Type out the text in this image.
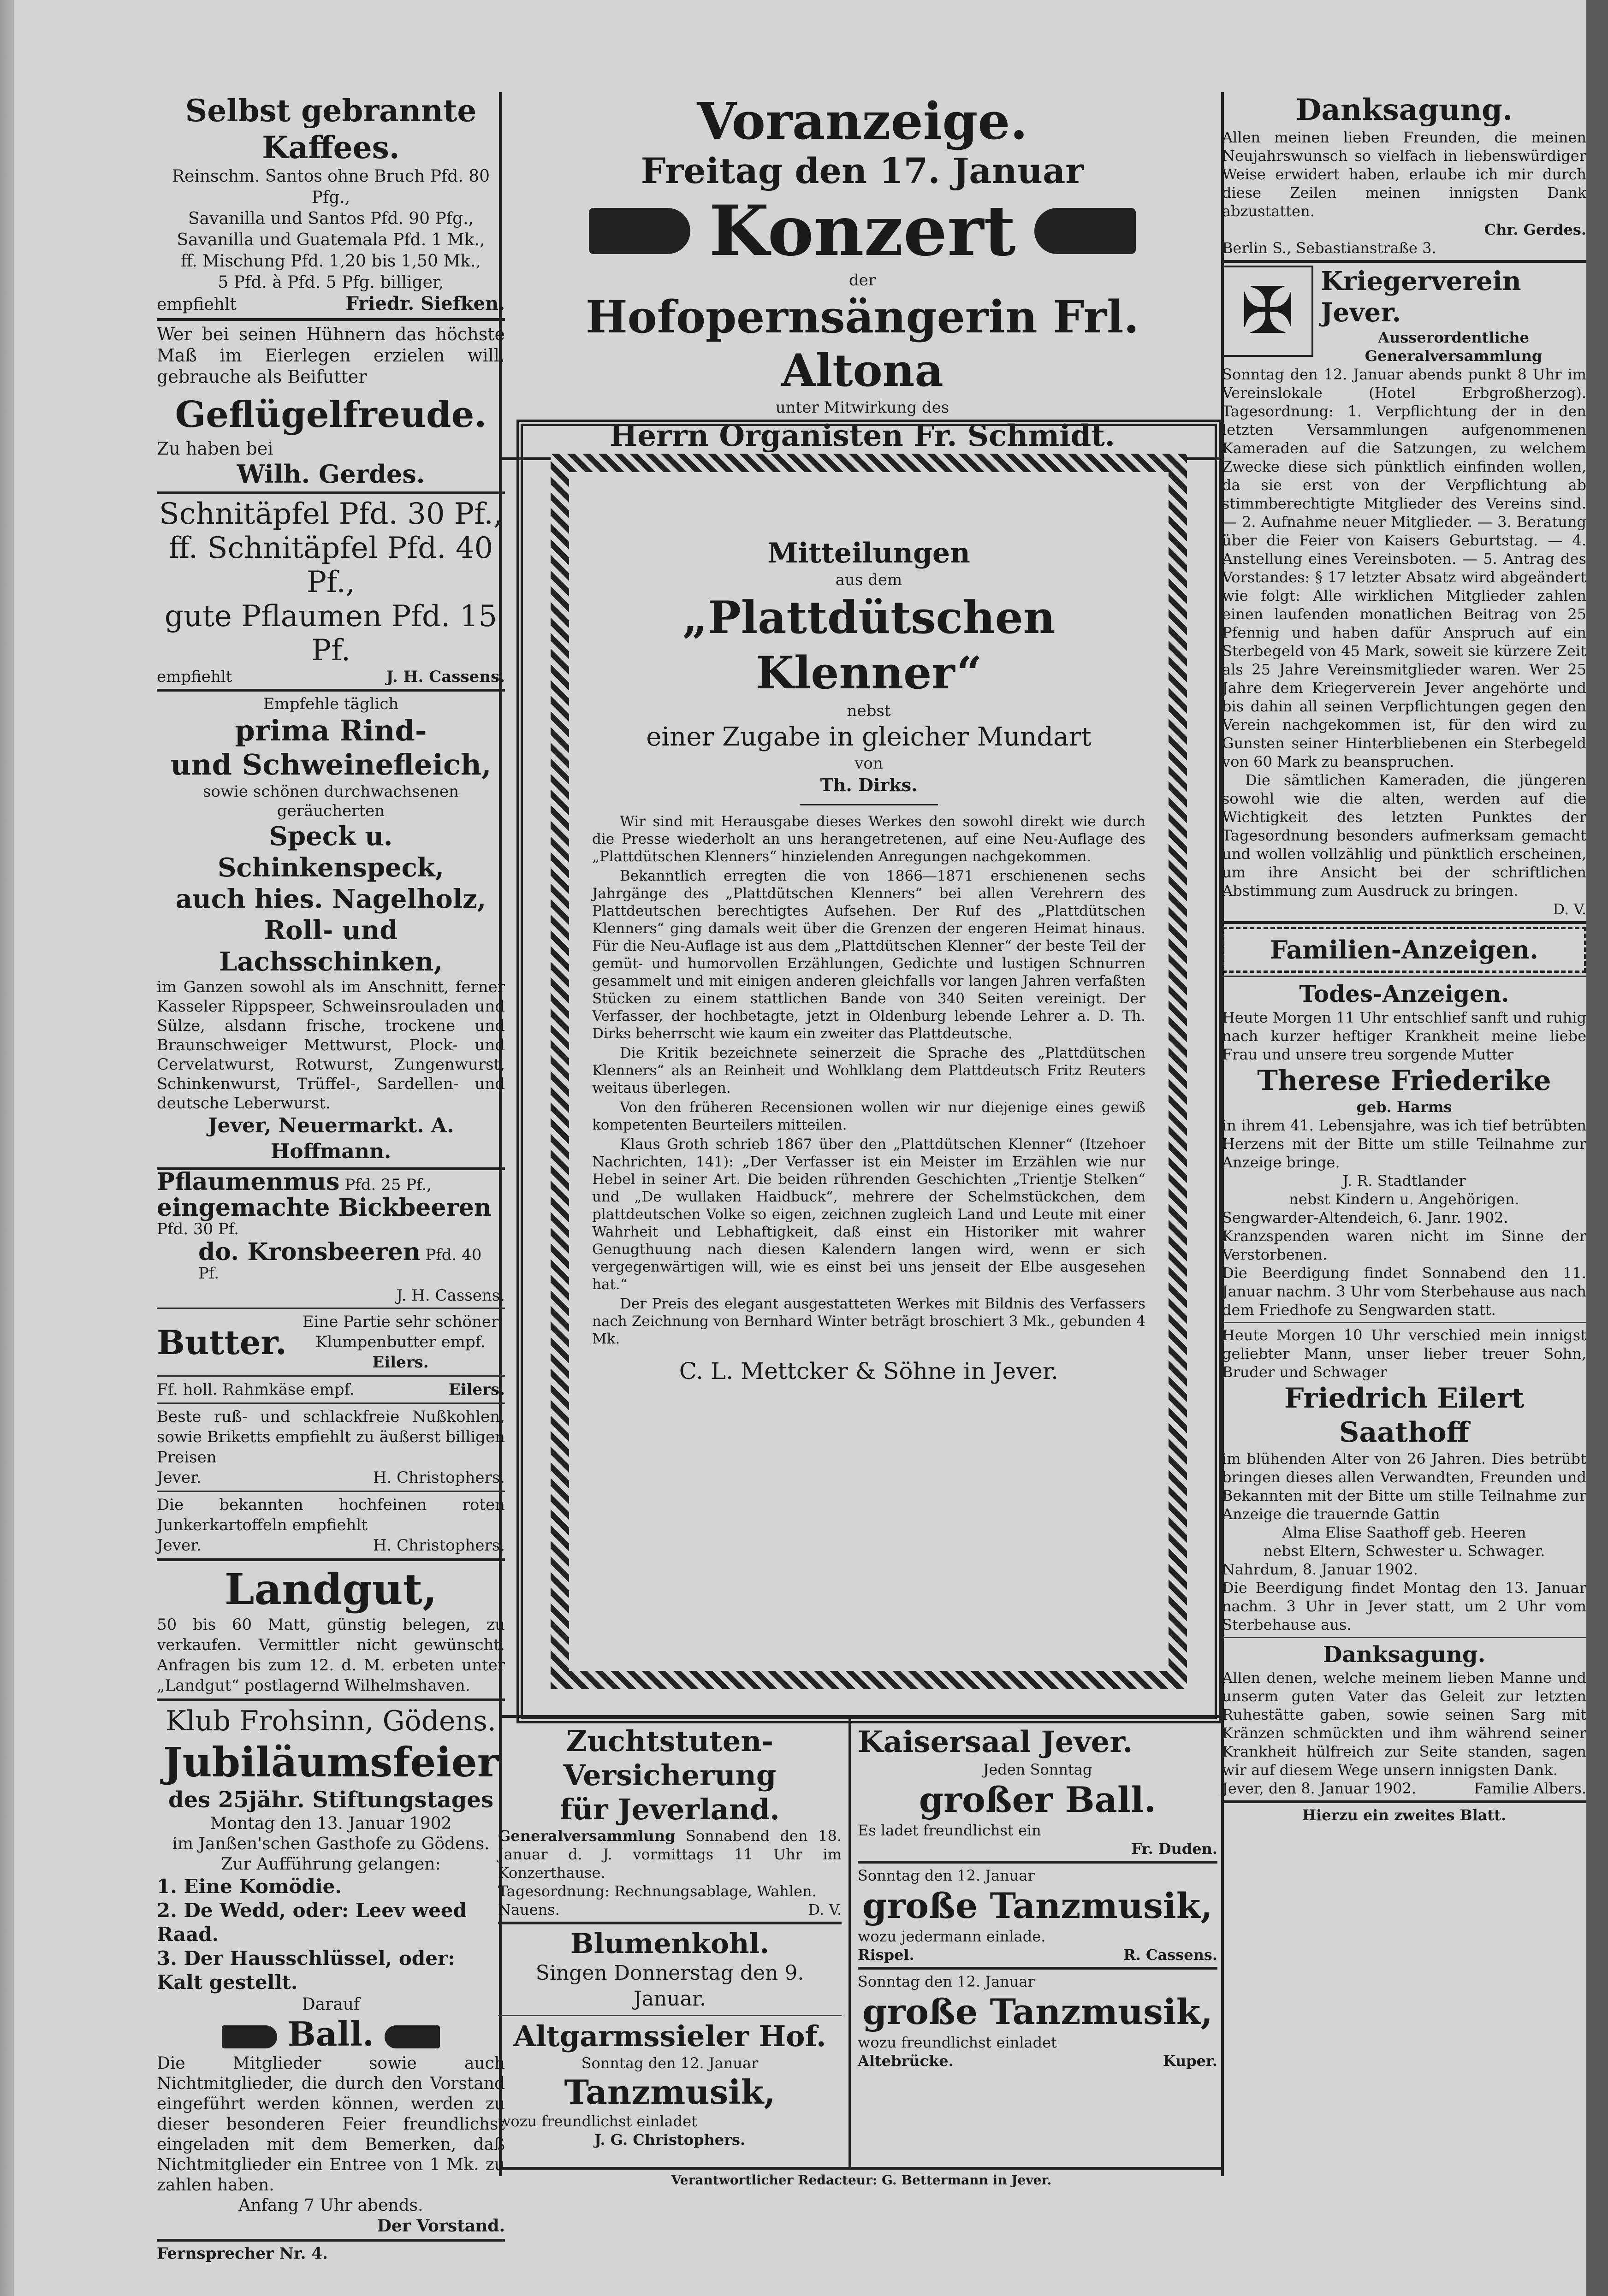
Selbst gebrannte Kaffees.
Reinschm. Santos ohne Bruch Pfd. 80 Pfg.,
Savanilla und Santos Pfd. 90 Pfg.,
Savanilla und Guatemala Pfd. 1 Mk.,
ff. Mischung Pfd. 1,20 bis 1,50 Mk.,
5 Pfd. à Pfd. 5 Pfg. billiger,
empfiehlt	Friedr. Siefken.
Wer bei seinen Hühnern das höchste Maß im Eierlegen erzielen will, gebrauche als Beifutter
Geflügelfreude.
Zu haben bei
Wilh. Gerdes.
Schnitäpfel Pfd. 30 Pf.,
ff. Schnitäpfel Pfd. 40 Pf.,
gute Pflaumen Pfd. 15 Pf.
empfiehlt	J. H. Cassens.
Empfehle täglich
prima Rind-
und Schweinefleich,
sowie schönen durchwachsenen geräucherten
Speck u. Schinkenspeck,
auch hies. Nagelholz,
Roll- und Lachsschinken,
im Ganzen sowohl als im Anschnitt, ferner Kasseler Rippspeer, Schweinsrouladen und Sülze, alsdann frische, trockene und Braunschweiger Mettwurst, Plock- und Cervelatwurst, Rotwurst, Zungenwurst, Schinkenwurst, Trüffel-, Sardellen- und deutsche Leberwurst.
Jever, Neuermarkt. A. Hoffmann.
Pflaumenmus Pfd. 25 Pf.,
eingemachte Bickbeeren Pfd. 30 Pf.
do. Kronsbeeren Pfd. 40 Pf.
J. H. Cassens.
Butter.
Eine Partie sehr schöner Klumpenbutter empf. Eilers.
Ff. holl. Rahmkäse empf.	Eilers.
Beste ruß- und schlackfreie Nußkohlen, sowie Briketts empfiehlt zu äußerst billigen Preisen
Jever.	H. Christophers.
Die bekannten hochfeinen roten Junkerkartoffeln empfiehlt
Jever.	H. Christophers.
Landgut,
50 bis 60 Matt, günstig belegen, zu verkaufen. Vermittler nicht gewünscht. Anfragen bis zum 12. d. M. erbeten unter „Landgut“ postlagernd Wilhelmshaven.
Klub Frohsinn, Gödens.
Jubiläumsfeier
des 25jähr. Stiftungstages
Montag den 13. Januar 1902
im Janßen'schen Gasthofe zu Gödens.
Zur Aufführung gelangen:
1. Eine Komödie.
2. De Wedd, oder: Leev weed Raad.
3. Der Hausschlüssel, oder: Kalt gestellt.
Darauf
Ball.
Die Mitglieder sowie auch Nichtmitglieder, die durch den Vorstand eingeführt werden können, werden zu dieser besonderen Feier freundlichst eingeladen mit dem Bemerken, daß Nichtmitglieder ein Entree von 1 Mk. zu zahlen haben.
Anfang 7 Uhr abends.
Der Vorstand.
Fernsprecher Nr. 4.
Voranzeige.
Freitag den 17. Januar
Konzert
der
Hofopernsängerin Frl. Altona
unter Mitwirkung des
Herrn Organisten Fr. Schmidt.
Mitteilungen
aus dem
„Plattdütschen Klenner“
nebst
einer Zugabe in gleicher Mundart
von
Th. Dirks.

Wir sind mit Herausgabe dieses Werkes den sowohl direkt wie durch die Presse wiederholt an uns herangetretenen, auf eine Neu-Auflage des „Plattdütschen Klenners“ hinzielenden Anregungen nachgekommen.

Bekanntlich erregten die von 1866—1871 erschienenen sechs Jahrgänge des „Plattdütschen Klenners“ bei allen Verehrern des Plattdeutschen berechtigtes Aufsehen. Der Ruf des „Plattdütschen Klenners“ ging damals weit über die Grenzen der engeren Heimat hinaus. Für die Neu-Auflage ist aus dem „Plattdütschen Klenner“ der beste Teil der gemüt- und humorvollen Erzählungen, Gedichte und lustigen Schnurren gesammelt und mit einigen anderen gleichfalls vor langen Jahren verfaßten Stücken zu einem stattlichen Bande von 340 Seiten vereinigt. Der Verfasser, der hochbetagte, jetzt in Oldenburg lebende Lehrer a. D. Th. Dirks beherrscht wie kaum ein zweiter das Plattdeutsche.

Die Kritik bezeichnete seinerzeit die Sprache des „Plattdütschen Klenners“ als an Reinheit und Wohlklang dem Plattdeutsch Fritz Reuters weitaus überlegen.

Von den früheren Recensionen wollen wir nur diejenige eines gewiß kompetenten Beurteilers mitteilen.

Klaus Groth schrieb 1867 über den „Plattdütschen Klenner“ (Itzehoer Nachrichten, 141): „Der Verfasser ist ein Meister im Erzählen wie nur Hebel in seiner Art. Die beiden rührenden Geschichten „Trientje Stelken“ und „De wullaken Haidbuck“, mehrere der Schelmstückchen, dem plattdeutschen Volke so eigen, zeichnen zugleich Land und Leute mit einer Wahrheit und Lebhaftigkeit, daß einst ein Historiker mit wahrer Genugthuung nach diesen Kalendern langen wird, wenn er sich vergegenwärtigen will, wie es einst bei uns jenseit der Elbe ausgesehen hat.“

Der Preis des elegant ausgestatteten Werkes mit Bildnis des Verfassers nach Zeichnung von Bernhard Winter beträgt broschiert 3 Mk., gebunden 4 Mk.

C. L. Mettcker & Söhne in Jever.
Zuchtstuten-Versicherung
für Jeverland.
Generalversammlung Sonnabend den 18. Januar d. J. vormittags 11 Uhr im Konzerthause.
Tagesordnung: Rechnungsablage, Wahlen.
Nauens.	D. V.
Blumenkohl.
Singen Donnerstag den 9. Januar.
Altgarmssieler Hof.
Sonntag den 12. Januar
Tanzmusik,
wozu freundlichst einladet
J. G. Christophers.
Kaisersaal Jever.
Jeden Sonntag
großer Ball.
Es ladet freundlichst ein
Fr. Duden.
Sonntag den 12. Januar
große Tanzmusik,
wozu jedermann einlade.
Rispel.	R. Cassens.
Sonntag den 12. Januar
große Tanzmusik,
wozu freundlichst einladet
Altebrücke.	Kuper.
Verantwortlicher Redacteur: G. Bettermann in Jever.
Danksagung.
Allen meinen lieben Freunden, die meinen Neujahrswunsch so vielfach in liebenswürdiger Weise erwidert haben, erlaube ich mir durch diese Zeilen meinen innigsten Dank abzustatten.
Chr. Gerdes.
Berlin S., Sebastianstraße 3.
✠	Kriegerverein Jever.
Ausserordentliche Generalversammlung
Sonntag den 12. Januar abends punkt 8 Uhr im Vereinslokale (Hotel Erbgroßherzog). Tagesordnung: 1. Verpflichtung der in den letzten Versammlungen aufgenommenen Kameraden auf die Satzungen, zu welchem Zwecke diese sich pünktlich einfinden wollen, da sie erst von der Verpflichtung ab stimmberechtigte Mitglieder des Vereins sind. — 2. Aufnahme neuer Mitglieder. — 3. Beratung über die Feier von Kaisers Geburtstag. — 4. Anstellung eines Vereinsboten. — 5. Antrag des Vorstandes: § 17 letzter Absatz wird abgeändert wie folgt: Alle wirklichen Mitglieder zahlen einen laufenden monatlichen Beitrag von 25 Pfennig und haben dafür Anspruch auf ein Sterbegeld von 45 Mark, soweit sie kürzere Zeit als 25 Jahre Vereinsmitglieder waren. Wer 25 Jahre dem Kriegerverein Jever angehörte und bis dahin all seinen Verpflichtungen gegen den Verein nachgekommen ist, für den wird zu Gunsten seiner Hinterbliebenen ein Sterbegeld von 60 Mark zu beanspruchen.
Die sämtlichen Kameraden, die jüngeren sowohl wie die alten, werden auf die Wichtigkeit des letzten Punktes der Tagesordnung besonders aufmerksam gemacht und wollen vollzählig und pünktlich erscheinen, um ihre Ansicht bei der schriftlichen Abstimmung zum Ausdruck zu bringen.
D. V.
Familien-Anzeigen.
Todes-Anzeigen.
Heute Morgen 11 Uhr entschlief sanft und ruhig nach kurzer heftiger Krankheit meine liebe Frau und unsere treu sorgende Mutter
Therese Friederike
geb. Harms
in ihrem 41. Lebensjahre, was ich tief betrübten Herzens mit der Bitte um stille Teilnahme zur Anzeige bringe.
J. R. Stadtlander
nebst Kindern u. Angehörigen.
Sengwarder-Altendeich, 6. Janr. 1902.
Kranzspenden waren nicht im Sinne der Verstorbenen.
Die Beerdigung findet Sonnabend den 11. Januar nachm. 3 Uhr vom Sterbehause aus nach dem Friedhofe zu Sengwarden statt.
Heute Morgen 10 Uhr verschied mein innigst geliebter Mann, unser lieber treuer Sohn, Bruder und Schwager
Friedrich Eilert Saathoff
im blühenden Alter von 26 Jahren. Dies betrübt bringen dieses allen Verwandten, Freunden und Bekannten mit der Bitte um stille Teilnahme zur Anzeige die trauernde Gattin
Alma Elise Saathoff geb. Heeren
nebst Eltern, Schwester u. Schwager.
Nahrdum, 8. Januar 1902.
Die Beerdigung findet Montag den 13. Januar nachm. 3 Uhr in Jever statt, um 2 Uhr vom Sterbehause aus.
Danksagung.
Allen denen, welche meinem lieben Manne und unserm guten Vater das Geleit zur letzten Ruhestätte gaben, sowie seinen Sarg mit Kränzen schmückten und ihm während seiner Krankheit hülfreich zur Seite standen, sagen wir auf diesem Wege unsern innigsten Dank.
Jever, den 8. Januar 1902.	Familie Albers.
Hierzu ein zweites Blatt.
